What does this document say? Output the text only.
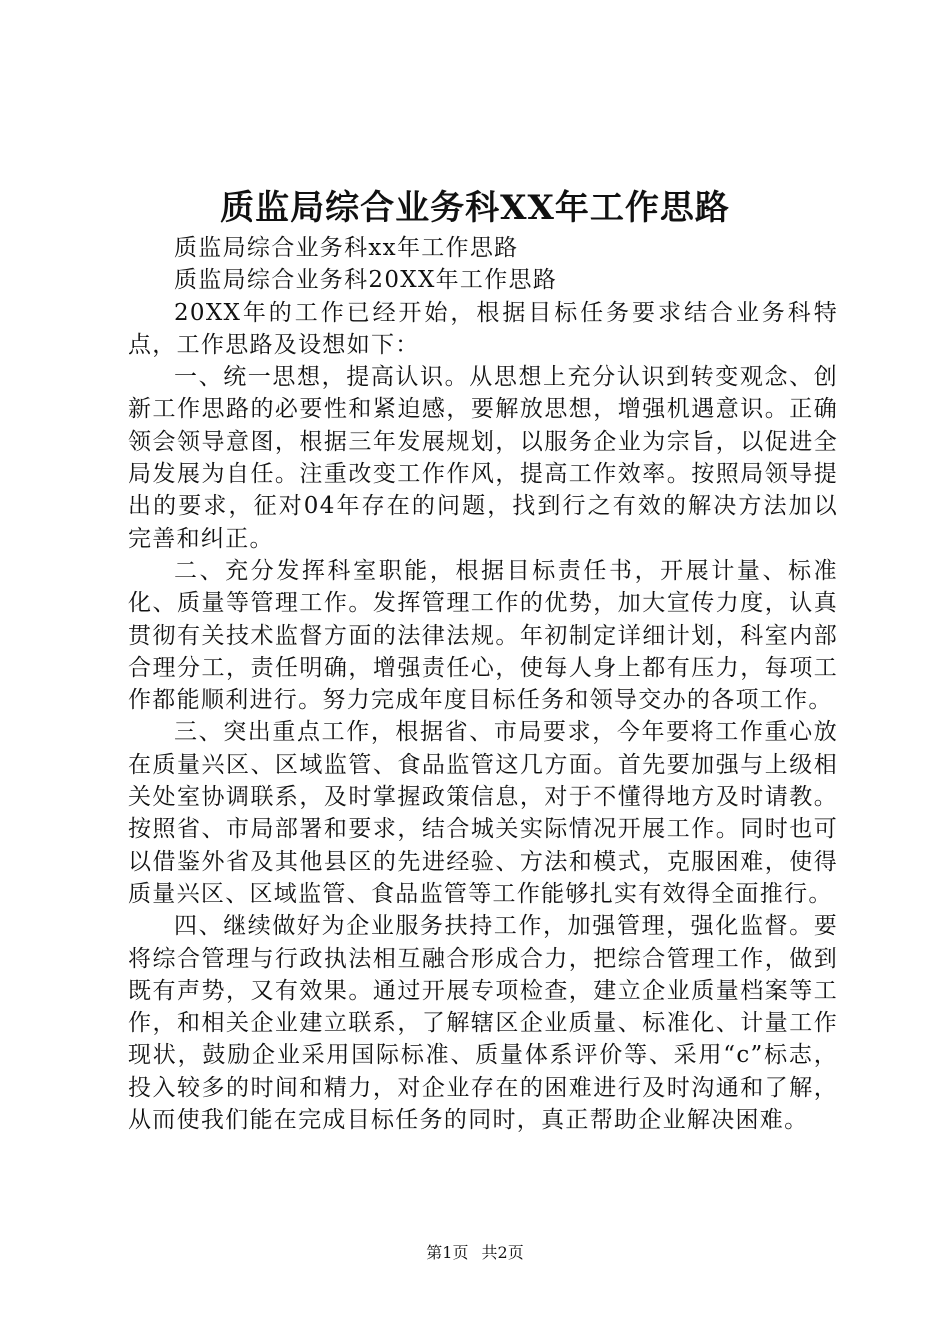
质监局综合业务科XX年工作思路

质监局综合业务科xx年工作思路

质监局综合业务科20XX年工作思路

20XX年的工作已经开始，根据目标任务要求结合业务科特点，工作思路及设想如下：

一、统一思想，提高认识。从思想上充分认识到转变观念、创新工作思路的必要性和紧迫感，要解放思想，增强机遇意识。正确领会领导意图，根据三年发展规划，以服务企业为宗旨，以促进全局发展为自任。注重改变工作作风，提高工作效率。按照局领导提出的要求，征对04年存在的问题，找到行之有效的解决方法加以完善和纠正。

二、充分发挥科室职能，根据目标责任书，开展计量、标准化、质量等管理工作。发挥管理工作的优势，加大宣传力度，认真贯彻有关技术监督方面的法律法规。年初制定详细计划，科室内部合理分工，责任明确，增强责任心，使每人身上都有压力，每项工作都能顺利进行。努力完成年度目标任务和领导交办的各项工作。

三、突出重点工作，根据省、市局要求，今年要将工作重心放在质量兴区、区域监管、食品监管这几方面。首先要加强与上级相关处室协调联系，及时掌握政策信息，对于不懂得地方及时请教。按照省、市局部署和要求，结合城关实际情况开展工作。同时也可以借鉴外省及其他县区的先进经验、方法和模式，克服困难，使得质量兴区、区域监管、食品监管等工作能够扎实有效得全面推行。

四、继续做好为企业服务扶持工作，加强管理，强化监督。要将综合管理与行政执法相互融合形成合力，把综合管理工作，做到既有声势，又有效果。通过开展专项检查，建立企业质量档案等工作，和相关企业建立联系，了解辖区企业质量、标准化、计量工作现状，鼓励企业采用国际标准、质量体系评价等、采用“c”标志，投入较多的时间和精力，对企业存在的困难进行及时沟通和了解，从而使我们能在完成目标任务的同时，真正帮助企业解决困难。

第1页 共2页
